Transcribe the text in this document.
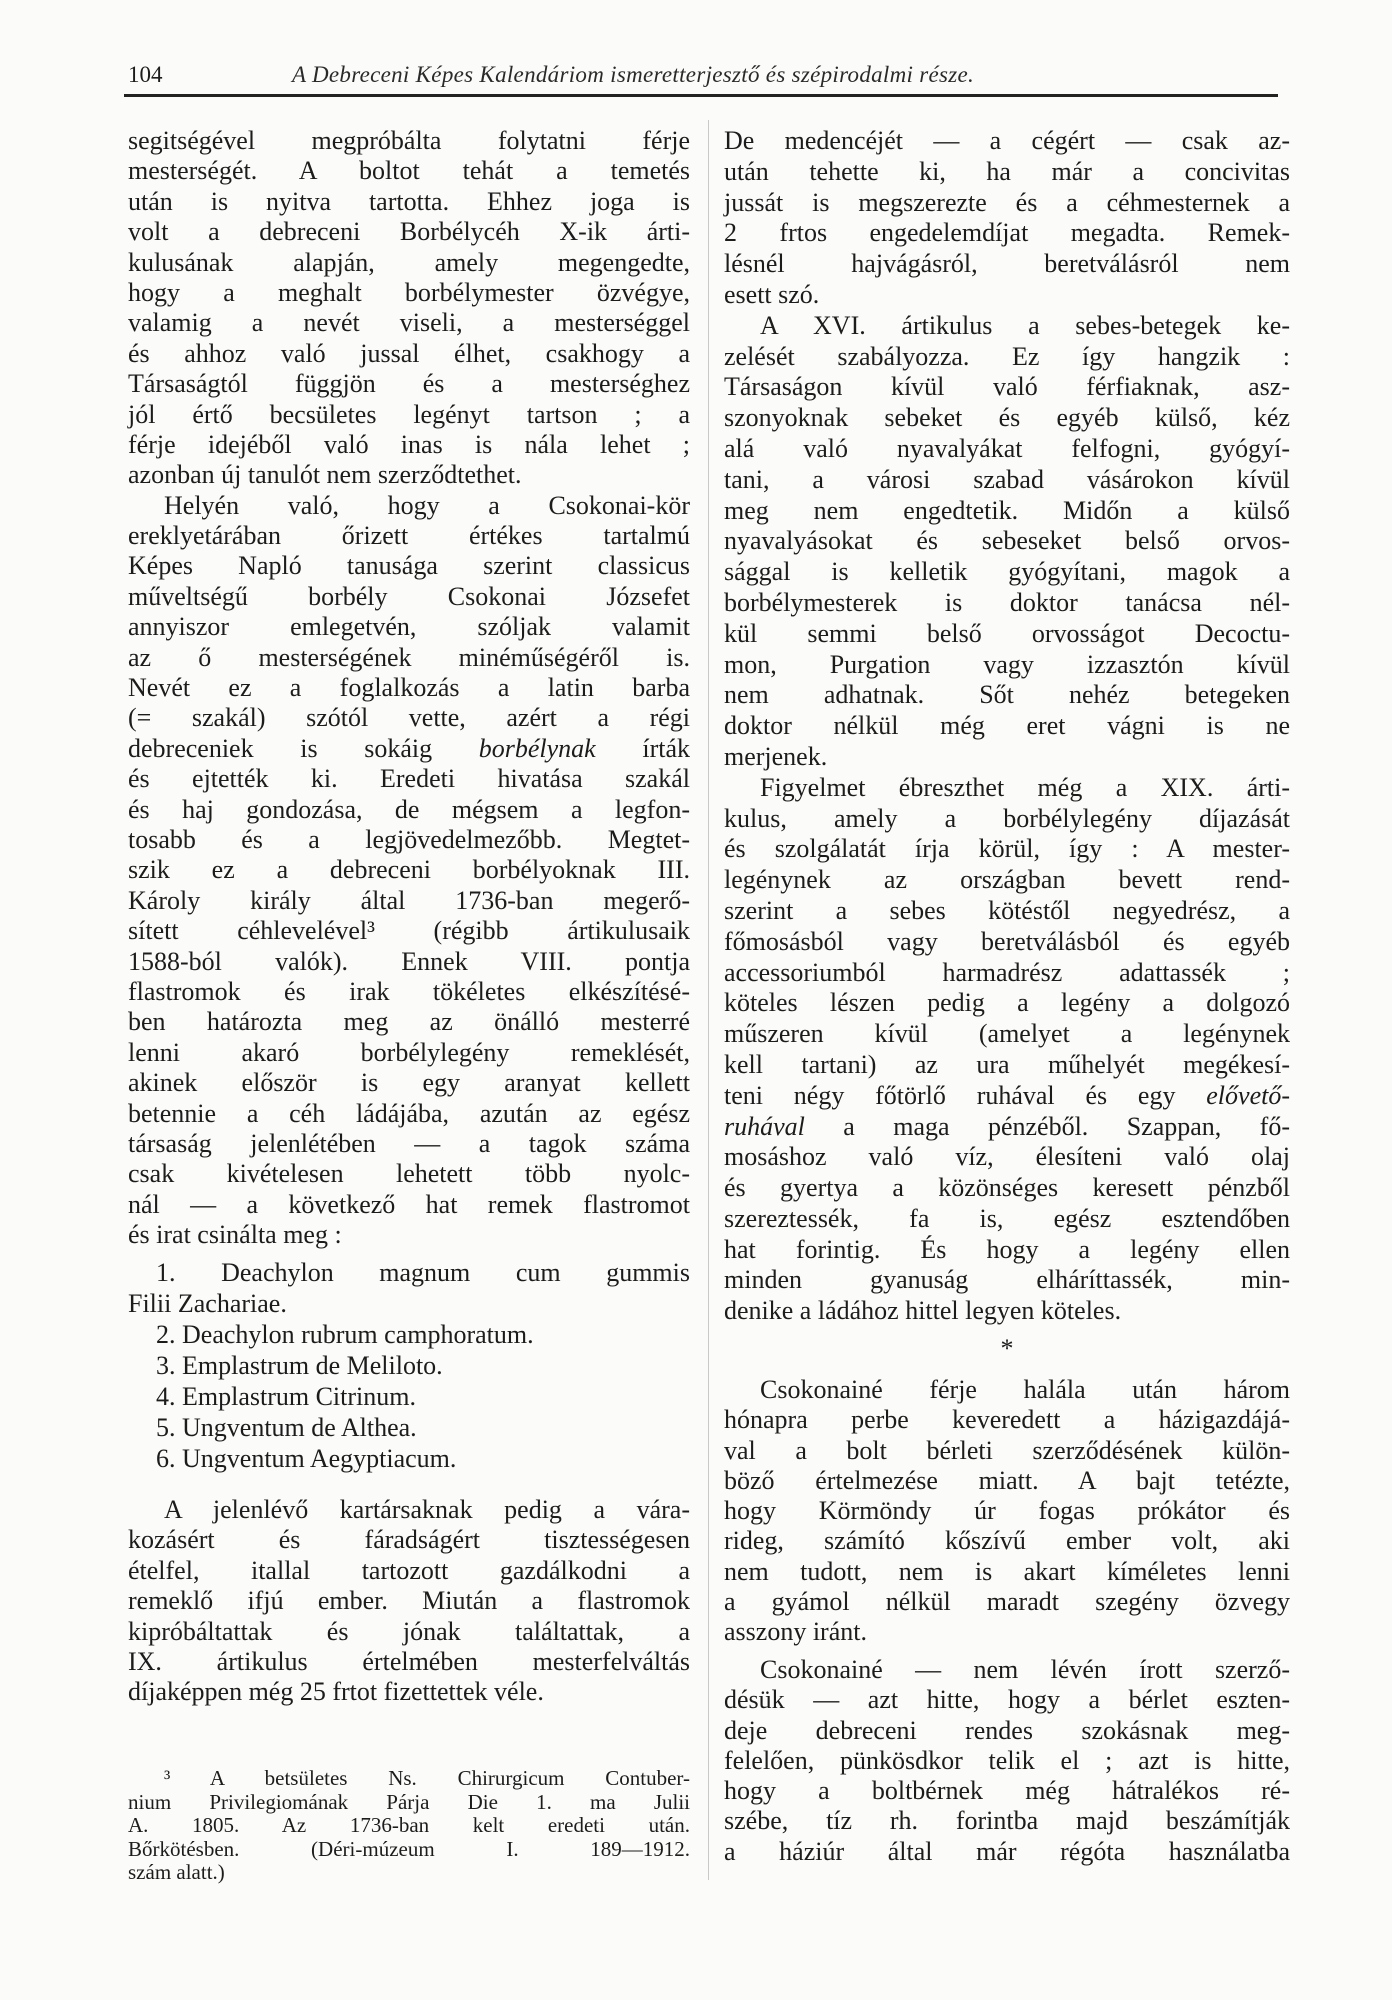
104	A Debreceni Képes Kalendáriom ismeretterjesztő és szépirodalmi része.
segitségével megpróbálta folytatni férje
mesterségét. A boltot tehát a temetés
után is nyitva tartotta. Ehhez joga is
volt a debreceni Borbélycéh X-ik árti-
kulusának alapján, amely megengedte,
hogy a meghalt borbélymester özvégye,
valamig a nevét viseli, a mesterséggel
és ahhoz való jussal élhet, csakhogy a
Társaságtól függjön és a mesterséghez
jól értő becsületes legényt tartson ; a
férje idejéből való inas is nála lehet ;
azonban új tanulót nem szerződtethet.
Helyén való, hogy a Csokonai-kör
ereklyetárában őrizett értékes tartalmú
Képes Napló tanusága szerint classicus
műveltségű borbély Csokonai Józsefet
annyiszor emlegetvén, szóljak valamit
az ő mesterségének minéműségéről is.
Nevét ez a foglalkozás a latin barba
(= szakál) szótól vette, azért a régi
debreceniek is sokáig borbélynak írták
és ejtették ki. Eredeti hivatása szakál
és haj gondozása, de mégsem a legfon-
tosabb és a legjövedelmezőbb. Megtet-
szik ez a debreceni borbélyoknak III.
Károly király által 1736-ban megerő-
sített céhlevelével³ (régibb ártikulusaik
1588-ból valók). Ennek VIII. pontja
flastromok és irak tökéletes elkészítésé-
ben határozta meg az önálló mesterré
lenni akaró borbélylegény remeklését,
akinek először is egy aranyat kellett
betennie a céh ládájába, azután az egész
társaság jelenlétében — a tagok száma
csak kivételesen lehetett több nyolc-
nál — a következő hat remek flastromot
és irat csinálta meg :
1. Deachylon magnum cum gummis
Filii Zachariae.
2. Deachylon rubrum camphoratum.
3. Emplastrum de Meliloto.
4. Emplastrum Citrinum.
5. Ungventum de Althea.
6. Ungventum Aegyptiacum.
A jelenlévő kartársaknak pedig a vára-
kozásért és fáradságért tisztességesen
ételfel, itallal tartozott gazdálkodni a
remeklő ifjú ember. Miután a flastromok
kipróbáltattak és jónak találtattak, a
IX. ártikulus értelmében mesterfelváltás
díjaképpen még 25 frtot fizettettek véle.
³ A betsületes Ns. Chirurgicum Contuber-
nium Privilegiomának Párja Die 1. ma Julii
A. 1805. Az 1736-ban kelt eredeti után.
Bőrkötésben. (Déri-múzeum I. 189—1912.
szám alatt.)
De medencéjét — a cégért — csak az-
után tehette ki, ha már a concivitas
jussát is megszerezte és a céhmesternek a
2 frtos engedelemdíjat megadta. Remek-
lésnél hajvágásról, beretválásról nem
esett szó.
A XVI. ártikulus a sebes-betegek ke-
zelését szabályozza. Ez így hangzik :
Társaságon kívül való férfiaknak, asz-
szonyoknak sebeket és egyéb külső, kéz
alá való nyavalyákat felfogni, gyógyí-
tani, a városi szabad vásárokon kívül
meg nem engedtetik. Midőn a külső
nyavalyásokat és sebeseket belső orvos-
sággal is kelletik gyógyítani, magok a
borbélymesterek is doktor tanácsa nél-
kül semmi belső orvosságot Decoctu-
mon, Purgation vagy izzasztón kívül
nem adhatnak. Sőt nehéz betegeken
doktor nélkül még eret vágni is ne
merjenek.
Figyelmet ébreszthet még a XIX. árti-
kulus, amely a borbélylegény díjazását
és szolgálatát írja körül, így : A mester-
legénynek az országban bevett rend-
szerint a sebes kötéstől negyedrész, a
főmosásból vagy beretválásból és egyéb
accessoriumból harmadrész adattassék ;
köteles lészen pedig a legény a dolgozó
műszeren kívül (amelyet a legénynek
kell tartani) az ura műhelyét megékesí-
teni négy főtörlő ruhával és egy elővető-
ruhával a maga pénzéből. Szappan, fő-
mosáshoz való víz, élesíteni való olaj
és gyertya a közönséges keresett pénzből
szereztessék, fa is, egész esztendőben
hat forintig. És hogy a legény ellen
minden gyanuság elháríttassék, min-
denike a ládához hittel legyen köteles.
*
Csokonainé férje halála után három
hónapra perbe keveredett a házigazdájá-
val a bolt bérleti szerződésének külön-
böző értelmezése miatt. A bajt tetézte,
hogy Körmöndy úr fogas prókátor és
rideg, számító kőszívű ember volt, aki
nem tudott, nem is akart kíméletes lenni
a gyámol nélkül maradt szegény özvegy
asszony iránt.
Csokonainé — nem lévén írott szerző-
désük — azt hitte, hogy a bérlet eszten-
deje debreceni rendes szokásnak meg-
felelően, pünkösdkor telik el ; azt is hitte,
hogy a boltbérnek még hátralékos ré-
szébe, tíz rh. forintba majd beszámítják
a háziúr által már régóta használatba
